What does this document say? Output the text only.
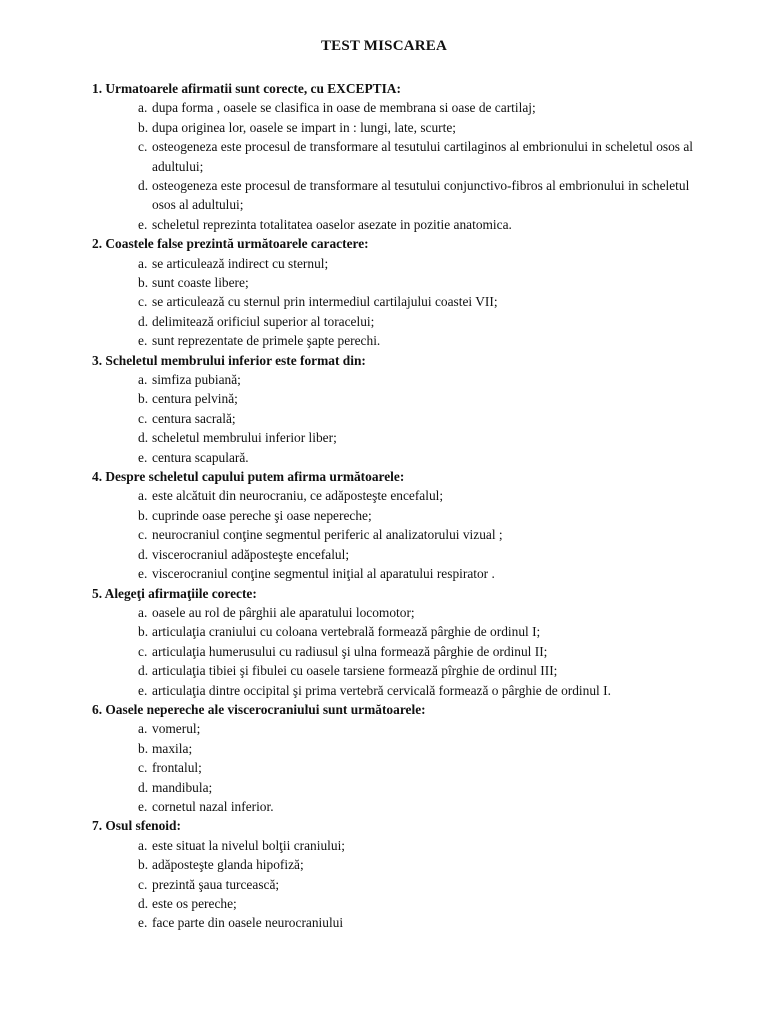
TEST MISCAREA
1. Urmatoarele afirmatii sunt corecte, cu EXCEPTIA:
a. dupa forma , oasele se clasifica in oase de membrana si oase de cartilaj;
b. dupa originea lor, oasele se impart in : lungi, late, scurte;
c. osteogeneza este procesul de transformare al tesutului cartilaginos al embrionului in scheletul osos al adultului;
d. osteogeneza este procesul de transformare al tesutului conjunctivo-fibros al embrionului in scheletul osos al adultului;
e. scheletul reprezinta totalitatea oaselor asezate in pozitie anatomica.
2. Coastele false prezintă următoarele caractere:
a. se articulează indirect cu sternul;
b. sunt coaste libere;
c. se articulează cu sternul prin intermediul cartilajului coastei VII;
d. delimitează orificiul superior al toracelui;
e. sunt reprezentate de primele şapte perechi.
3. Scheletul membrului inferior este format din:
a. simfiza pubiană;
b. centura pelvină;
c. centura sacrală;
d. scheletul membrului inferior liber;
e. centura scapulară.
4. Despre scheletul capului putem afirma următoarele:
a. este alcătuit din neurocraniu, ce adăposteşte encefalul;
b. cuprinde oase pereche şi oase nepereche;
c. neurocraniul conţine segmentul periferic al analizatorului vizual ;
d. viscerocraniul adăposteşte encefalul;
e. viscerocraniul conţine segmentul iniţial al aparatului respirator .
5. Alegeţi afirmaţiile corecte:
a. oasele au rol de pârghii ale aparatului locomotor;
b. articulaţia craniului cu coloana vertebrală formează pârghie de ordinul I;
c. articulaţia humerusului cu radiusul şi ulna formează pârghie de ordinul II;
d. articulaţia tibiei şi fibulei cu oasele tarsiene formează pîrghie de ordinul III;
e. articulaţia dintre occipital şi prima vertebră cervicală formează o pârghie de ordinul I.
6. Oasele nepereche ale viscerocraniului sunt următoarele:
a. vomerul;
b. maxila;
c. frontalul;
d. mandibula;
e. cornetul nazal inferior.
7. Osul sfenoid:
a. este situat la nivelul bolţii craniului;
b. adăposteşte glanda hipofiză;
c. prezintă şaua turcească;
d. este os pereche;
e. face parte din oasele neurocraniului
